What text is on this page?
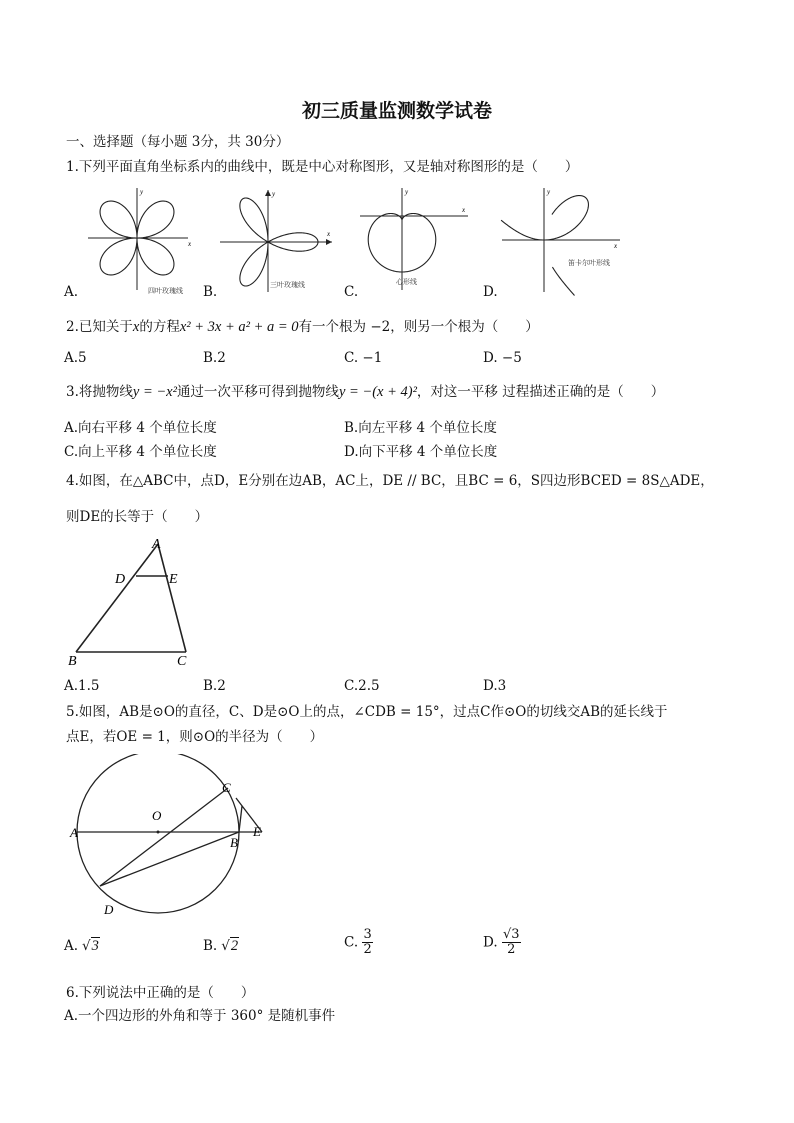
初三质量监测数学试卷
一、选择题（每小题 3分，共 30分）
1.下列平面直角坐标系内的曲线中，既是中心对称图形，又是轴对称图形的是（　　）
x
y
四叶玫瑰线
A.
x
y
三叶玫瑰线
B.
x
y
心形线
C.
x
y
笛卡尔叶形线
D.
2.已知关于x的方程x² + 3x + a² + a = 0有一个根为 −2，则另一个根为（　　）
A.5	B.2	C. −1	D. −5
3.将抛物线y = −x²通过一次平移可得到抛物线y = −(x + 4)²，对这一平移 过程描述正确的是（　　）
A.向右平移 4 个单位长度	B.向左平移 4 个单位长度
C.向上平移 4 个单位长度	D.向下平移 4 个单位长度
4.如图，在△ABC中，点D，E分别在边AB，AC上，DE // BC，且BC = 6，S四边形BCED = 8S△ADE，
则DE的长等于（　　）
A
D	E
B	C
A.1.5	B.2	C.2.5	D.3
5.如图，AB是⊙O的直径，C、D是⊙O上的点，∠CDB = 15°，过点C作⊙O的切线交AB的延长线于
点E，若OE = 1，则⊙O的半径为（　　）
A
O
C
B
E
D
A. √3	B. √2	C. $\frac{3}{2}$	D. $\frac{√3}{2}$
6.下列说法中正确的是（　　）
A.一个四边形的外角和等于 360° 是随机事件
